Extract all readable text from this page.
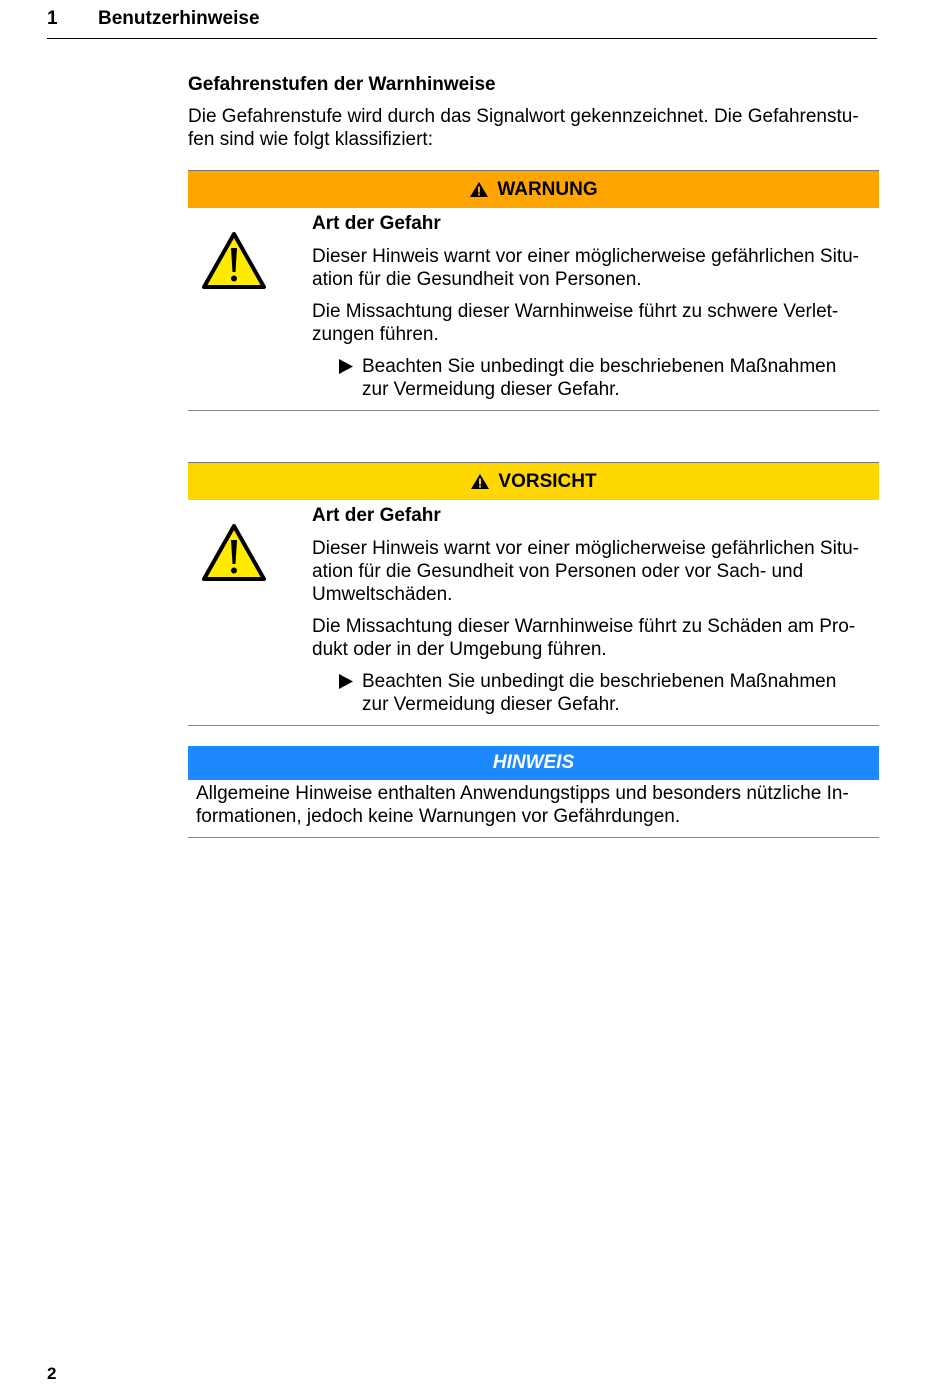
1 Benutzerhinweise
Gefahrenstufen der Warnhinweise
Die Gefahrenstufe wird durch das Signalwort gekennzeichnet. Die Gefahrenstu-
fen sind wie folgt klassifiziert:
WARNUNG
Art der Gefahr
Dieser Hinweis warnt vor einer möglicherweise gefährlichen Situ-
ation für die Gesundheit von Personen.
Die Missachtung dieser Warnhinweise führt zu schwere Verlet-
zungen führen.
Beachten Sie unbedingt die beschriebenen Maßnahmen
zur Vermeidung dieser Gefahr.
VORSICHT
Art der Gefahr
Dieser Hinweis warnt vor einer möglicherweise gefährlichen Situ-
ation für die Gesundheit von Personen oder vor Sach- und
Umweltschäden.
Die Missachtung dieser Warnhinweise führt zu Schäden am Pro-
dukt oder in der Umgebung führen.
Beachten Sie unbedingt die beschriebenen Maßnahmen
zur Vermeidung dieser Gefahr.
HINWEIS
Allgemeine Hinweise enthalten Anwendungstipps und besonders nützliche In-
formationen, jedoch keine Warnungen vor Gefährdungen.
2
